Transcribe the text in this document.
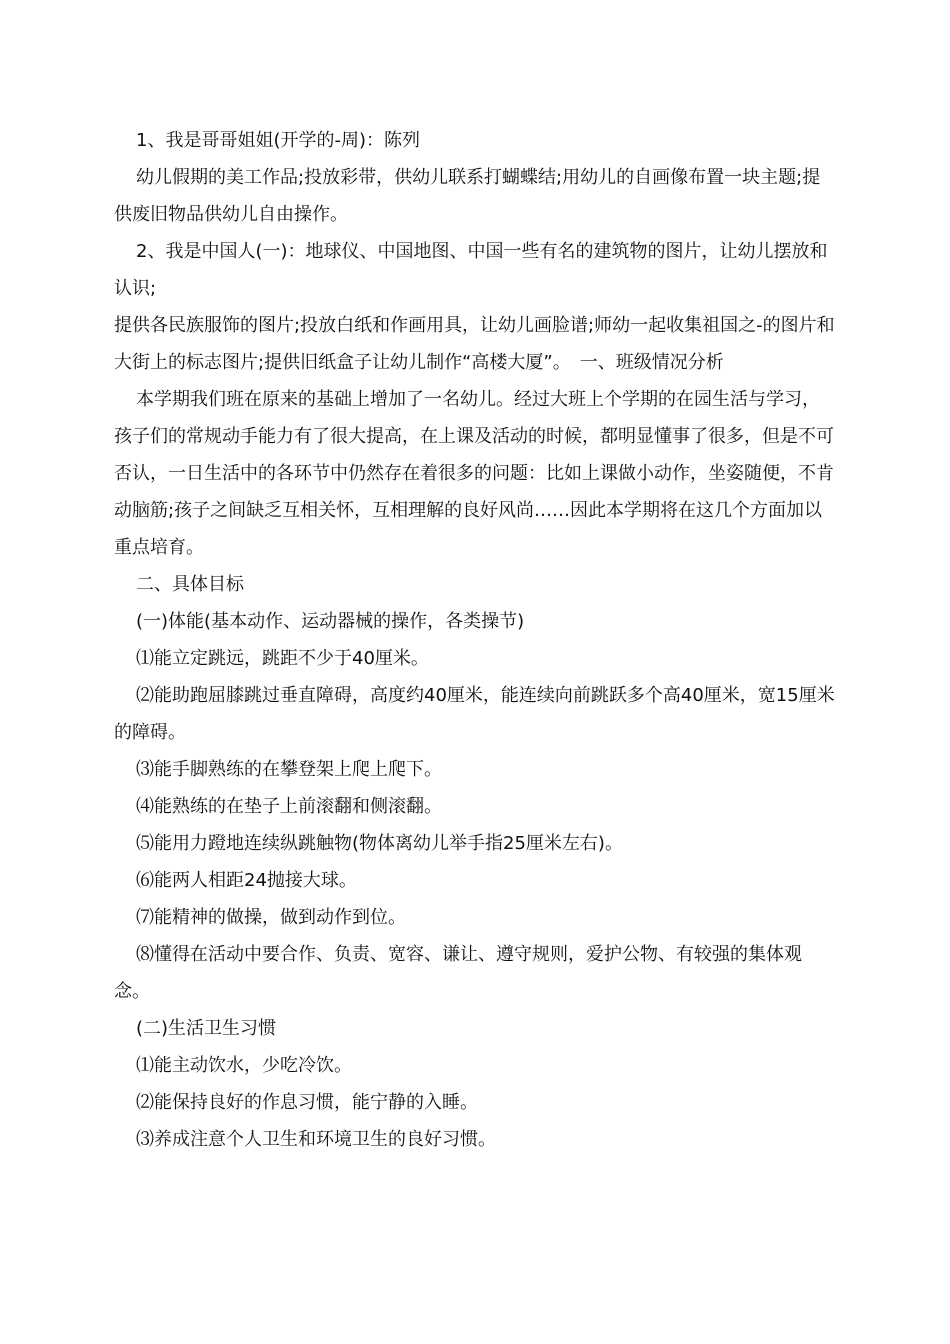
1、我是哥哥姐姐(开学的-周)：陈列

幼儿假期的美工作品;投放彩带，供幼儿联系打蝴蝶结;用幼儿的自画像布置一块主题;提供废旧物品供幼儿自由操作。

2、我是中国人(一)：地球仪、中国地图、中国一些有名的建筑物的图片，让幼儿摆放和认识;

提供各民族服饰的图片;投放白纸和作画用具，让幼儿画脸谱;师幼一起收集祖国之-的图片和大街上的标志图片;提供旧纸盒子让幼儿制作“高楼大厦”。　一、班级情况分析

本学期我们班在原来的基础上增加了一名幼儿。经过大班上个学期的在园生活与学习，孩子们的常规动手能力有了很大提高，在上课及活动的时候，都明显懂事了很多，但是不可否认，一日生活中的各环节中仍然存在着很多的问题：比如上课做小动作，坐姿随便，不肯动脑筋;孩子之间缺乏互相关怀，互相理解的良好风尚……因此本学期将在这几个方面加以重点培育。

二、具体目标

(一)体能(基本动作、运动器械的操作，各类操节)

⑴能立定跳远，跳距不少于40厘米。

⑵能助跑屈膝跳过垂直障碍，高度约40厘米，能连续向前跳跃多个高40厘米，宽15厘米的障碍。

⑶能手脚熟练的在攀登架上爬上爬下。

⑷能熟练的在垫子上前滚翻和侧滚翻。

⑸能用力蹬地连续纵跳触物(物体离幼儿举手指25厘米左右)。

⑹能两人相距24抛接大球。

⑺能精神的做操，做到动作到位。

⑻懂得在活动中要合作、负责、宽容、谦让、遵守规则，爱护公物、有较强的集体观念。

(二)生活卫生习惯

⑴能主动饮水，少吃冷饮。

⑵能保持良好的作息习惯，能宁静的入睡。

⑶养成注意个人卫生和环境卫生的良好习惯。
